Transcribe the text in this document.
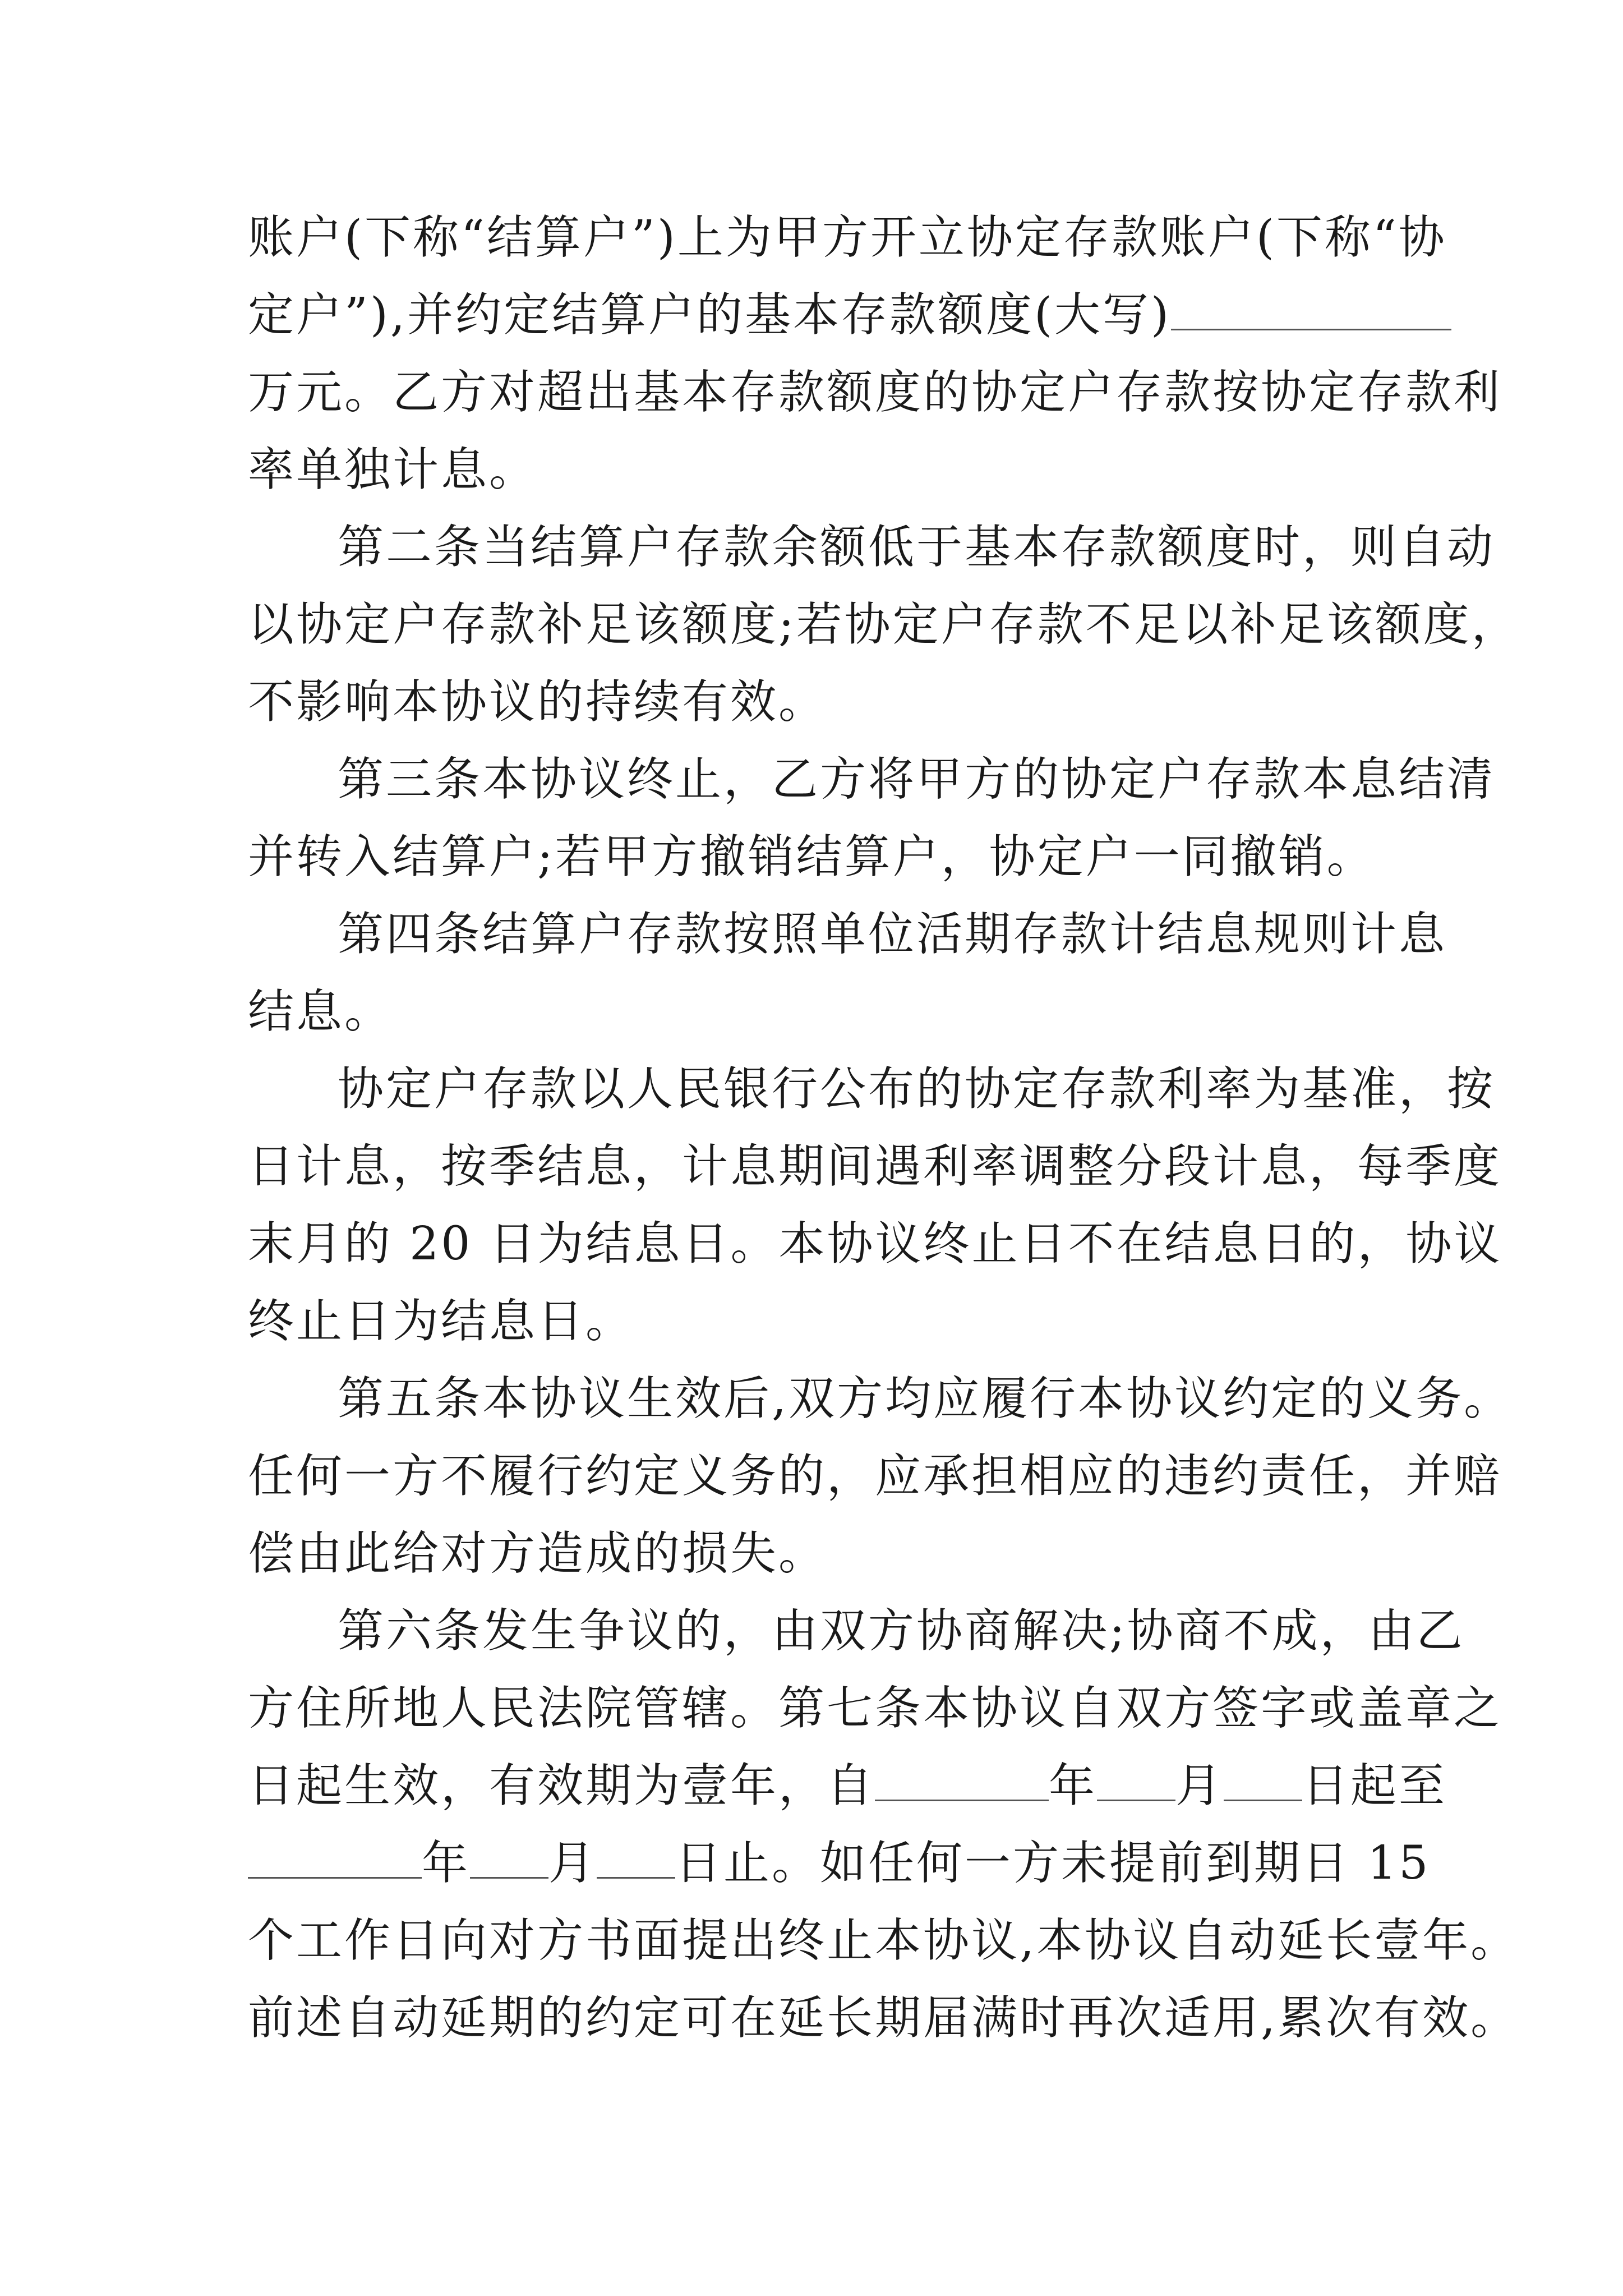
账户(下称“结算户”)上为甲方开立协定存款账户(下称“协
定户”),并约定结算户的基本存款额度(大写)
万元。乙方对超出基本存款额度的协定户存款按协定存款利
率单独计息。
第二条当结算户存款余额低于基本存款额度时，则自动
以协定户存款补足该额度;若协定户存款不足以补足该额度，
不影响本协议的持续有效。
第三条本协议终止，乙方将甲方的协定户存款本息结清
并转入结算户;若甲方撤销结算户，协定户一同撤销。
第四条结算户存款按照单位活期存款计结息规则计息
结息。
协定户存款以人民银行公布的协定存款利率为基准，按
日计息，按季结息，计息期间遇利率调整分段计息，每季度
末月的 20 日为结息日。本协议终止日不在结息日的，协议
终止日为结息日。
第五条本协议生效后,双方均应履行本协议约定的义务。
任何一方不履行约定义务的，应承担相应的违约责任，并赔
偿由此给对方造成的损失。
第六条发生争议的，由双方协商解决;协商不成，由乙
方住所地人民法院管辖。第七条本协议自双方签字或盖章之
日起生效，有效期为壹年，自	年 月 日起至
年 月 日止。如任何一方未提前到期日 15
个工作日向对方书面提出终止本协议,本协议自动延长壹年。
前述自动延期的约定可在延长期届满时再次适用,累次有效。
